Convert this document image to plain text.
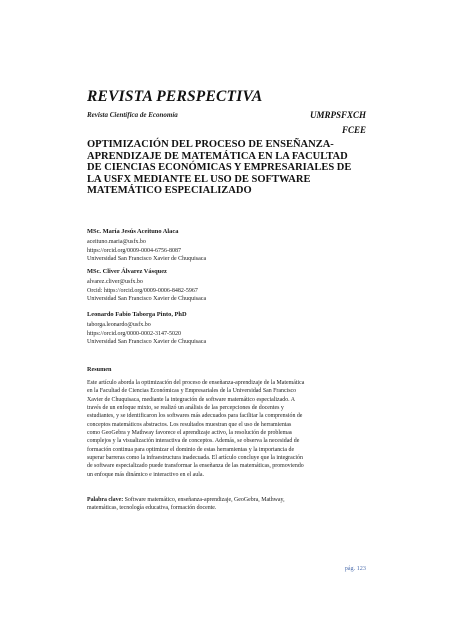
REVISTA PERSPECTIVA
Revista Científica de Economía	UMRPSFXCH
FCEE
OPTIMIZACIÓN DEL PROCESO DE ENSEÑANZA-
APRENDIZAJE DE MATEMÁTICA EN LA FACULTAD
DE CIENCIAS ECONÓMICAS Y EMPRESARIALES DE
LA USFX MEDIANTE EL USO DE SOFTWARE
MATEMÁTICO ESPECIALIZADO
MSc. María Jesús Aceituno Alaca
aceituno.maria@usfx.bo
https://orcid.org/0009-0004-6756-8087
Universidad San Francisco Xavier de Chuquisaca
MSc. Cliver Álvarez Vásquez
alvarez.cliver@usfx.bo
Orcid: https://orcid.org/0009-0006-8482-5967
Universidad San Francisco Xavier de Chuquisaca
Leonardo Fabio Taborga Pinto, PhD
taborga.leonardo@usfx.bo
https://orcid.org/0000-0002-3147-5020
Universidad San Francisco Xavier de Chuquisaca
Resumen
Este artículo aborda la optimización del proceso de enseñanza-aprendizaje de la Matemática
en la Facultad de Ciencias Económicas y Empresariales de la Universidad San Francisco
Xavier de Chuquisaca, mediante la integración de software matemático especializado. A
través de un enfoque mixto, se realizó un análisis de las percepciones de docentes y
estudiantes, y se identificaron los softwares más adecuados para facilitar la comprensión de
conceptos matemáticos abstractos. Los resultados muestran que el uso de herramientas
como GeoGebra y Mathway favorece el aprendizaje activo, la resolución de problemas
complejos y la visualización interactiva de conceptos. Además, se observa la necesidad de
formación continua para optimizar el dominio de estas herramientas y la importancia de
superar barreras como la infraestructura inadecuada. El artículo concluye que la integración
de software especializado puede transformar la enseñanza de las matemáticas, promoviendo
un enfoque más dinámico e interactivo en el aula.
Palabra clave: Software matemático, enseñanza-aprendizaje, GeoGebra, Mathway,
matemáticas, tecnología educativa, formación docente.
pág. 123
